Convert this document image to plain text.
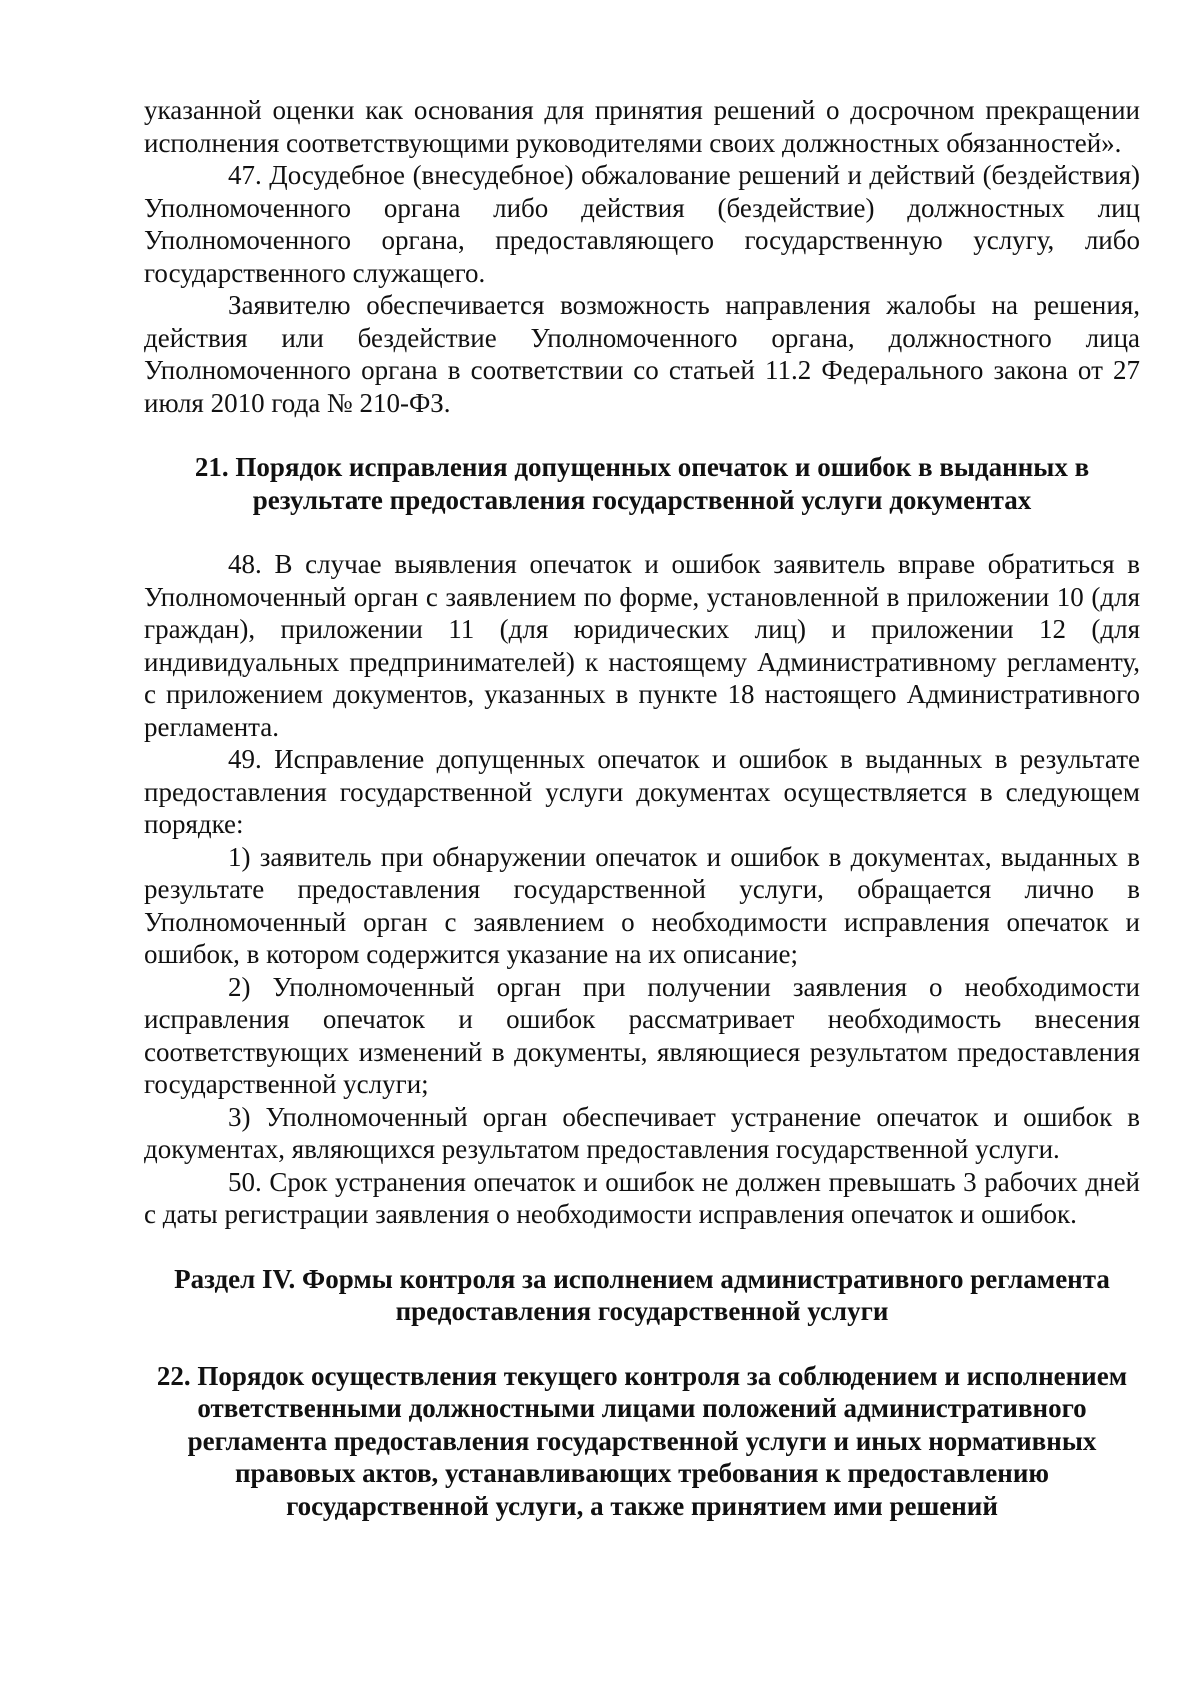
указанной оценки как основания для принятия решений о досрочном прекращении исполнения соответствующими руководителями своих должностных обязанностей».

47. Досудебное (внесудебное) обжалование решений и действий (бездействия) Уполномоченного органа либо действия (бездействие) должностных лиц Уполномоченного органа, предоставляющего государственную услугу, либо государственного служащего.

Заявителю обеспечивается возможность направления жалобы на решения, действия или бездействие Уполномоченного органа, должностного лица Уполномоченного органа в соответствии со статьей 11.2 Федерального закона от 27 июля 2010 года № 210-ФЗ.

21. Порядок исправления допущенных опечаток и ошибок в выданных в результате предоставления государственной услуги документах

48. В случае выявления опечаток и ошибок заявитель вправе обратиться в Уполномоченный орган с заявлением по форме, установленной в приложении 10 (для граждан), приложении 11 (для юридических лиц) и приложении 12 (для индивидуальных предпринимателей) к настоящему Административному регламенту, с приложением документов, указанных в пункте 18 настоящего Административного регламента.

49. Исправление допущенных опечаток и ошибок в выданных в результате предоставления государственной услуги документах осуществляется в следующем порядке:

1) заявитель при обнаружении опечаток и ошибок в документах, выданных в результате предоставления государственной услуги, обращается лично в Уполномоченный орган с заявлением о необходимости исправления опечаток и ошибок, в котором содержится указание на их описание;

2) Уполномоченный орган при получении заявления о необходимости исправления опечаток и ошибок рассматривает необходимость внесения соответствующих изменений в документы, являющиеся результатом предоставления государственной услуги;

3) Уполномоченный орган обеспечивает устранение опечаток и ошибок в документах, являющихся результатом предоставления государственной услуги.

50. Срок устранения опечаток и ошибок не должен превышать 3 рабочих дней с даты регистрации заявления о необходимости исправления опечаток и ошибок.

Раздел IV. Формы контроля за исполнением административного регламента предоставления государственной услуги

22. Порядок осуществления текущего контроля за соблюдением и исполнением ответственными должностными лицами положений административного регламента предоставления государственной услуги и иных нормативных правовых актов, устанавливающих требования к предоставлению государственной услуги, а также принятием ими решений
